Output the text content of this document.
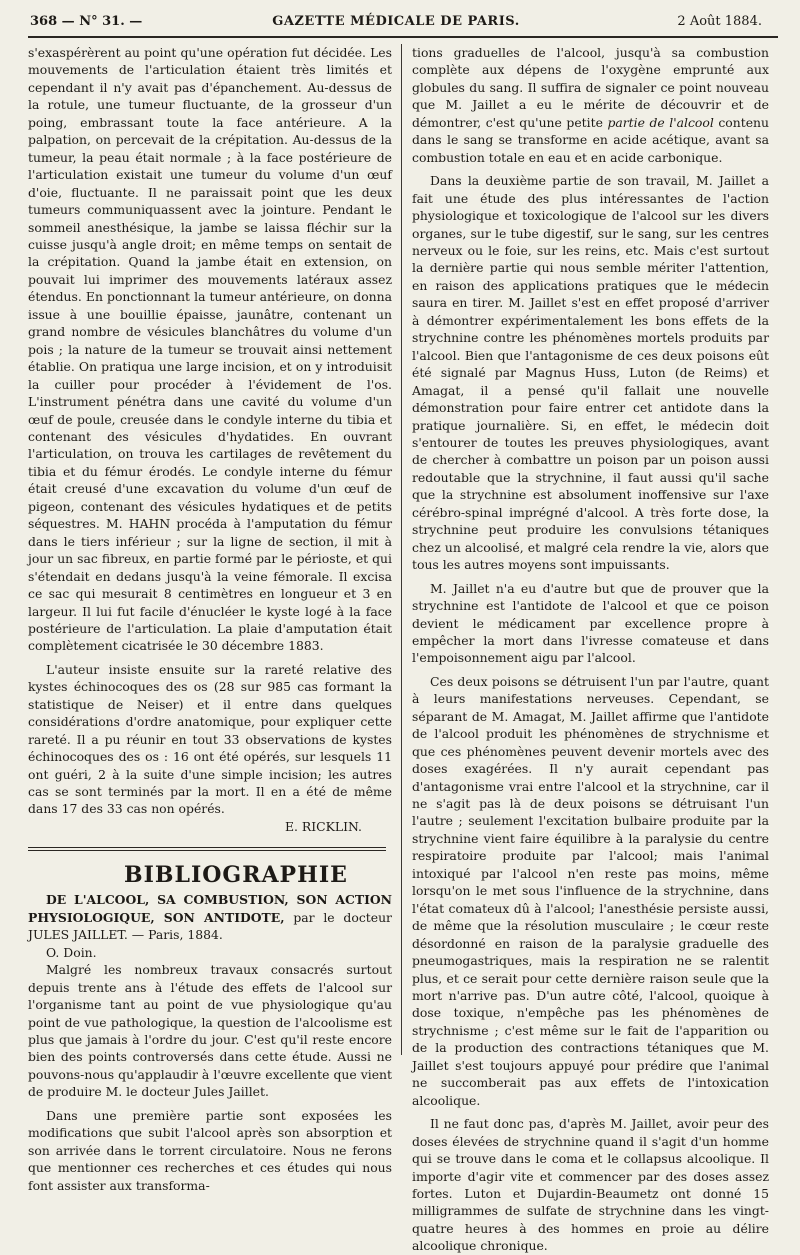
368 — N° 31. —	GAZETTE MÉDICALE DE PARIS.	2 Août 1884.

s'exaspérèrent au point qu'une opération fut décidée. Les mouvements de l'articulation étaient très limités et cependant il n'y avait pas d'épanchement. Au-dessus de la rotule, une tumeur fluctuante, de la grosseur d'un poing, embrassant toute la face antérieure. A la palpation, on percevait de la crépitation. Au-dessus de la tumeur, la peau était normale ; à la face postérieure de l'articulation existait une tumeur du volume d'un œuf d'oie, fluctuante. Il ne paraissait point que les deux tumeurs communiquassent avec la jointure. Pendant le sommeil anesthésique, la jambe se laissa fléchir sur la cuisse jusqu'à angle droit; en même temps on sentait de la crépitation. Quand la jambe était en extension, on pouvait lui imprimer des mouvements latéraux assez étendus. En ponctionnant la tumeur antérieure, on donna issue à une bouillie épaisse, jaunâtre, contenant un grand nombre de vésicules blanchâtres du volume d'un pois ; la nature de la tumeur se trouvait ainsi nettement établie. On pratiqua une large incision, et on y introduisit la cuiller pour procéder à l'évidement de l'os. L'instrument pénétra dans une cavité du volume d'un œuf de poule, creusée dans le condyle interne du tibia et contenant des vésicules d'hydatides. En ouvrant l'articulation, on trouva les cartilages de revêtement du tibia et du fémur érodés. Le condyle interne du fémur était creusé d'une excavation du volume d'un œuf de pigeon, contenant des vésicules hydatiques et de petits séquestres. M. HAHN procéda à l'amputation du fémur dans le tiers inférieur ; sur la ligne de section, il mit à jour un sac fibreux, en partie formé par le périoste, et qui s'étendait en dedans jusqu'à la veine fémorale. Il excisa ce sac qui mesurait 8 centimètres en longueur et 3 en largeur. Il lui fut facile d'énucléer le kyste logé à la face postérieure de l'articulation. La plaie d'amputation était complètement cicatrisée le 30 décembre 1883.

L'auteur insiste ensuite sur la rareté relative des kystes échinocoques des os (28 sur 985 cas formant la statistique de Neiser) et il entre dans quelques considérations d'ordre anatomique, pour expliquer cette rareté. Il a pu réunir en tout 33 observations de kystes échinocoques des os : 16 ont été opérés, sur lesquels 11 ont guéri, 2 à la suite d'une simple incision; les autres cas se sont terminés par la mort. Il en a été de même dans 17 des 33 cas non opérés.

E. RICKLIN.

BIBLIOGRAPHIE

DE L'ALCOOL, SA COMBUSTION, SON ACTION PHYSIOLOGIQUE, SON ANTIDOTE, par le docteur JULES JAILLET. — Paris, 1884.

O. Doin.

Malgré les nombreux travaux consacrés surtout depuis trente ans à l'étude des effets de l'alcool sur l'organisme tant au point de vue physiologique qu'au point de vue pathologique, la question de l'alcoolisme est plus que jamais à l'ordre du jour. C'est qu'il reste encore bien des points controversés dans cette étude. Aussi ne pouvons-nous qu'applaudir à l'œuvre excellente que vient de produire M. le docteur Jules Jaillet.

Dans une première partie sont exposées les modifications que subit l'alcool après son absorption et son arrivée dans le torrent circulatoire. Nous ne ferons que mentionner ces recherches et ces études qui nous font assister aux transforma-

tions graduelles de l'alcool, jusqu'à sa combustion complète aux dépens de l'oxygène emprunté aux globules du sang. Il suffira de signaler ce point nouveau que M. Jaillet a eu le mérite de découvrir et de démontrer, c'est qu'une petite partie de l'alcool contenu dans le sang se transforme en acide acétique, avant sa combustion totale en eau et en acide carbonique.

Dans la deuxième partie de son travail, M. Jaillet a fait une étude des plus intéressantes de l'action physiologique et toxicologique de l'alcool sur les divers organes, sur le tube digestif, sur le sang, sur les centres nerveux ou le foie, sur les reins, etc. Mais c'est surtout la dernière partie qui nous semble mériter l'attention, en raison des applications pratiques que le médecin saura en tirer. M. Jaillet s'est en effet proposé d'arriver à démontrer expérimentalement les bons effets de la strychnine contre les phénomènes mortels produits par l'alcool. Bien que l'antagonisme de ces deux poisons eût été signalé par Magnus Huss, Luton (de Reims) et Amagat, il a pensé qu'il fallait une nouvelle démonstration pour faire entrer cet antidote dans la pratique journalière. Si, en effet, le médecin doit s'entourer de toutes les preuves physiologiques, avant de chercher à combattre un poison par un poison aussi redoutable que la strychnine, il faut aussi qu'il sache que la strychnine est absolument inoffensive sur l'axe cérébro-spinal imprégné d'alcool. A très forte dose, la strychnine peut produire les convulsions tétaniques chez un alcoolisé, et malgré cela rendre la vie, alors que tous les autres moyens sont impuissants.

M. Jaillet n'a eu d'autre but que de prouver que la strychnine est l'antidote de l'alcool et que ce poison devient le médicament par excellence propre à empêcher la mort dans l'ivresse comateuse et dans l'empoisonnement aigu par l'alcool.

Ces deux poisons se détruisent l'un par l'autre, quant à leurs manifestations nerveuses. Cependant, se séparant de M. Amagat, M. Jaillet affirme que l'antidote de l'alcool produit les phénomènes de strychnisme et que ces phénomènes peuvent devenir mortels avec des doses exagérées. Il n'y aurait cependant pas d'antagonisme vrai entre l'alcool et la strychnine, car il ne s'agit pas là de deux poisons se détruisant l'un l'autre ; seulement l'excitation bulbaire produite par la strychnine vient faire équilibre à la paralysie du centre respiratoire produite par l'alcool; mais l'animal intoxiqué par l'alcool n'en reste pas moins, même lorsqu'on le met sous l'influence de la strychnine, dans l'état comateux dû à l'alcool; l'anesthésie persiste aussi, de même que la résolution musculaire ; le cœur reste désordonné en raison de la paralysie graduelle des pneumogastriques, mais la respiration ne se ralentit plus, et ce serait pour cette dernière raison seule que la mort n'arrive pas. D'un autre côté, l'alcool, quoique à dose toxique, n'empêche pas les phénomènes de strychnisme ; c'est même sur le fait de l'apparition ou de la production des contractions tétaniques que M. Jaillet s'est toujours appuyé pour prédire que l'animal ne succomberait pas aux effets de l'intoxication alcoolique.

Il ne faut donc pas, d'après M. Jaillet, avoir peur des doses élevées de strychnine quand il s'agit d'un homme qui se trouve dans le coma et le collapsus alcoolique. Il importe d'agir vite et commencer par des doses assez fortes. Luton et Dujardin-Beaumetz ont donné 15 milligrammes de sulfate de strychnine dans les vingt-quatre heures à des hommes en proie au délire alcoolique chronique.
